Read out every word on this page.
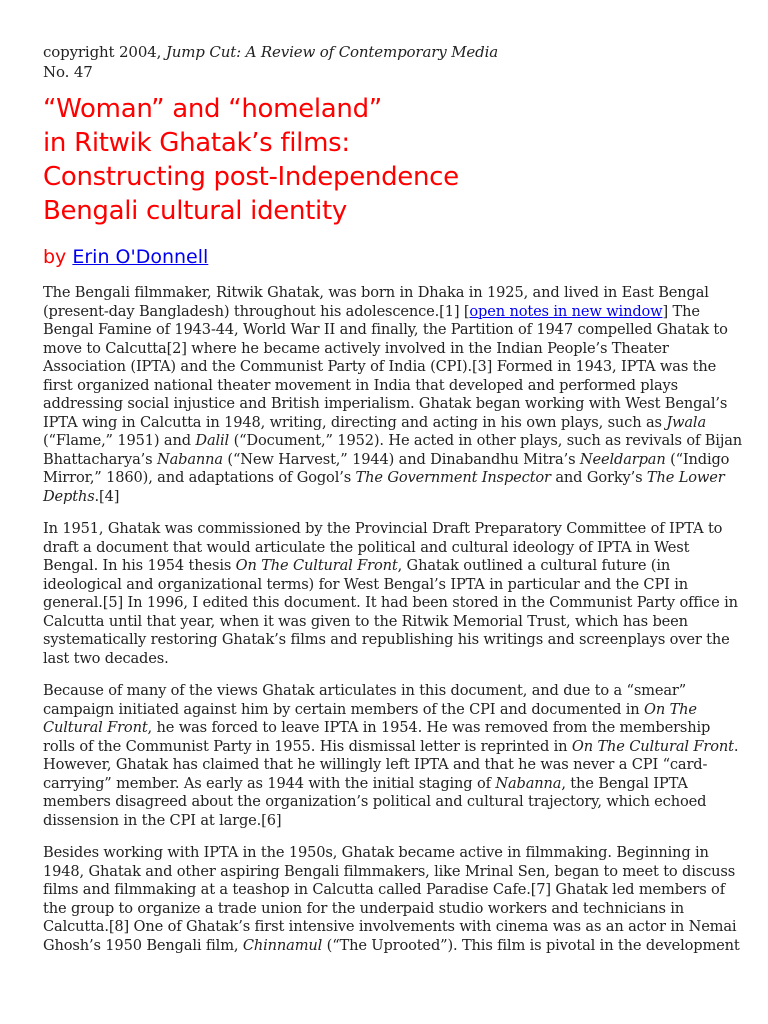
copyright 2004, Jump Cut: A Review of Contemporary Media
No. 47

“Woman” and “homeland”
in Ritwik Ghatak’s films:
Constructing post-Independence
Bengali cultural identity
by Erin O'Donnell

The Bengali filmmaker, Ritwik Ghatak, was born in Dhaka in 1925, and lived in East Bengal (present-day Bangladesh) throughout his adolescence.[1] [open notes in new window] The Bengal Famine of 1943-44, World War II and finally, the Partition of 1947 compelled Ghatak to move to Calcutta[2] where he became actively involved in the Indian People’s Theater Association (IPTA) and the Communist Party of India (CPI).[3] Formed in 1943, IPTA was the first organized national theater movement in India that developed and performed plays addressing social injustice and British imperialism. Ghatak began working with West Bengal’s IPTA wing in Calcutta in 1948, writing, directing and acting in his own plays, such as Jwala (“Flame,” 1951) and Dalil (“Document,” 1952). He acted in other plays, such as revivals of Bijan Bhattacharya’s Nabanna (“New Harvest,” 1944) and Dinabandhu Mitra’s Neeldarpan (“Indigo Mirror,” 1860), and adaptations of Gogol’s The Government Inspector and Gorky’s The Lower Depths.[4]

In 1951, Ghatak was commissioned by the Provincial Draft Preparatory Committee of IPTA to draft a document that would articulate the political and cultural ideology of IPTA in West Bengal. In his 1954 thesis On The Cultural Front, Ghatak outlined a cultural future (in ideological and organizational terms) for West Bengal’s IPTA in particular and the CPI in general.[5] In 1996, I edited this document. It had been stored in the Communist Party office in Calcutta until that year, when it was given to the Ritwik Memorial Trust, which has been systematically restoring Ghatak’s films and republishing his writings and screenplays over the last two decades.

Because of many of the views Ghatak articulates in this document, and due to a “smear” campaign initiated against him by certain members of the CPI and documented in On The Cultural Front, he was forced to leave IPTA in 1954. He was removed from the membership rolls of the Communist Party in 1955. His dismissal letter is reprinted in On The Cultural Front. However, Ghatak has claimed that he willingly left IPTA and that he was never a CPI “card-carrying” member. As early as 1944 with the initial staging of Nabanna, the Bengal IPTA members disagreed about the organization’s political and cultural trajectory, which echoed dissension in the CPI at large.[6]

Besides working with IPTA in the 1950s, Ghatak became active in filmmaking. Beginning in 1948, Ghatak and other aspiring Bengali filmmakers, like Mrinal Sen, began to meet to discuss films and filmmaking at a teashop in Calcutta called Paradise Cafe.[7] Ghatak led members of the group to organize a trade union for the underpaid studio workers and technicians in Calcutta.[8] One of Ghatak’s first intensive involvements with cinema was as an actor in Nemai Ghosh’s 1950 Bengali film, Chinnamul (“The Uprooted”). This film is pivotal in the development
